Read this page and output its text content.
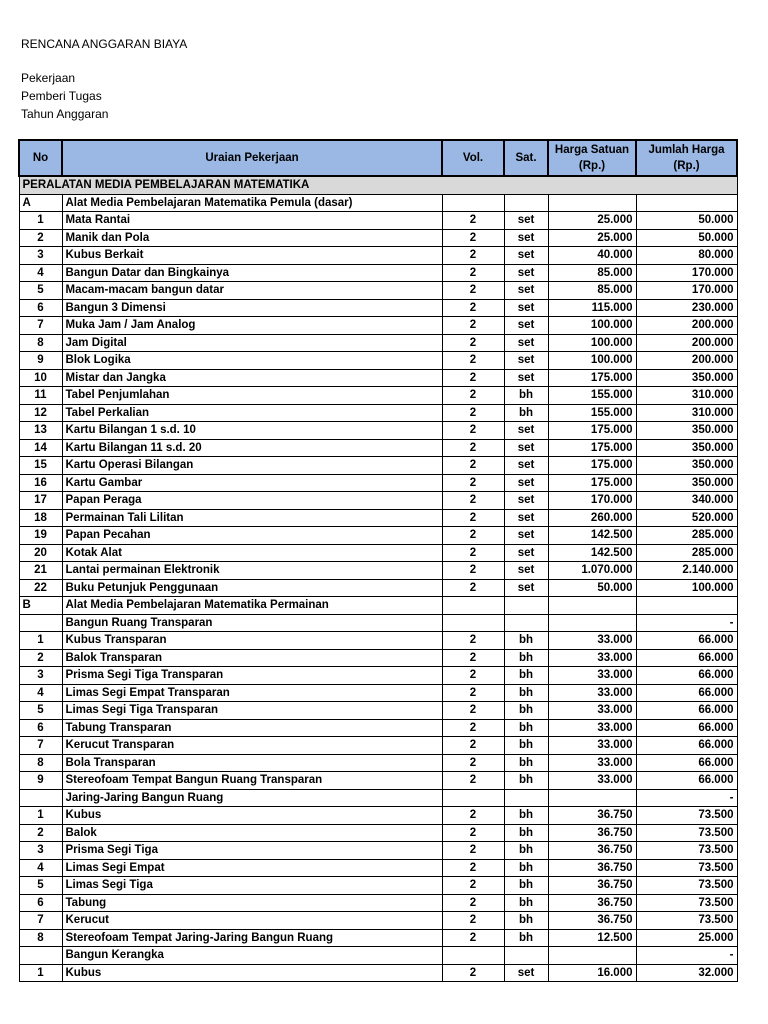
RENCANA ANGGARAN BIAYA
Pekerjaan
Pemberi Tugas
Tahun Anggaran
No	Uraian Pekerjaan	Vol.	Sat.	Harga Satuan (Rp.)	Jumlah Harga (Rp.)
PERALATAN MEDIA PEMBELAJARAN MATEMATIKA					
A	Alat Media Pembelajaran Matematika Pemula (dasar)				
1	Mata Rantai	2	set	25.000	50.000
2	Manik dan Pola	2	set	25.000	50.000
3	Kubus Berkait	2	set	40.000	80.000
4	Bangun Datar dan Bingkainya	2	set	85.000	170.000
5	Macam-macam bangun datar	2	set	85.000	170.000
6	Bangun 3 Dimensi	2	set	115.000	230.000
7	Muka Jam / Jam Analog	2	set	100.000	200.000
8	Jam Digital	2	set	100.000	200.000
9	Blok Logika	2	set	100.000	200.000
10	Mistar dan Jangka	2	set	175.000	350.000
11	Tabel Penjumlahan	2	bh	155.000	310.000
12	Tabel Perkalian	2	bh	155.000	310.000
13	Kartu Bilangan 1 s.d. 10	2	set	175.000	350.000
14	Kartu Bilangan 11 s.d. 20	2	set	175.000	350.000
15	Kartu Operasi Bilangan	2	set	175.000	350.000
16	Kartu Gambar	2	set	175.000	350.000
17	Papan Peraga	2	set	170.000	340.000
18	Permainan Tali Lilitan	2	set	260.000	520.000
19	Papan Pecahan	2	set	142.500	285.000
20	Kotak Alat	2	set	142.500	285.000
21	Lantai permainan Elektronik	2	set	1.070.000	2.140.000
22	Buku Petunjuk Penggunaan	2	set	50.000	100.000
B	Alat Media Pembelajaran Matematika Permainan				
	Bangun Ruang Transparan				-
1	Kubus Transparan	2	bh	33.000	66.000
2	Balok Transparan	2	bh	33.000	66.000
3	Prisma Segi Tiga Transparan	2	bh	33.000	66.000
4	Limas Segi Empat Transparan	2	bh	33.000	66.000
5	Limas Segi Tiga Transparan	2	bh	33.000	66.000
6	Tabung Transparan	2	bh	33.000	66.000
7	Kerucut Transparan	2	bh	33.000	66.000
8	Bola Transparan	2	bh	33.000	66.000
9	Stereofoam Tempat Bangun Ruang Transparan	2	bh	33.000	66.000
	Jaring-Jaring Bangun Ruang				-
1	Kubus	2	bh	36.750	73.500
2	Balok	2	bh	36.750	73.500
3	Prisma Segi Tiga	2	bh	36.750	73.500
4	Limas Segi Empat	2	bh	36.750	73.500
5	Limas Segi Tiga	2	bh	36.750	73.500
6	Tabung	2	bh	36.750	73.500
7	Kerucut	2	bh	36.750	73.500
8	Stereofoam Tempat Jaring-Jaring Bangun Ruang	2	bh	12.500	25.000
	Bangun Kerangka				-
1	Kubus	2	set	16.000	32.000
